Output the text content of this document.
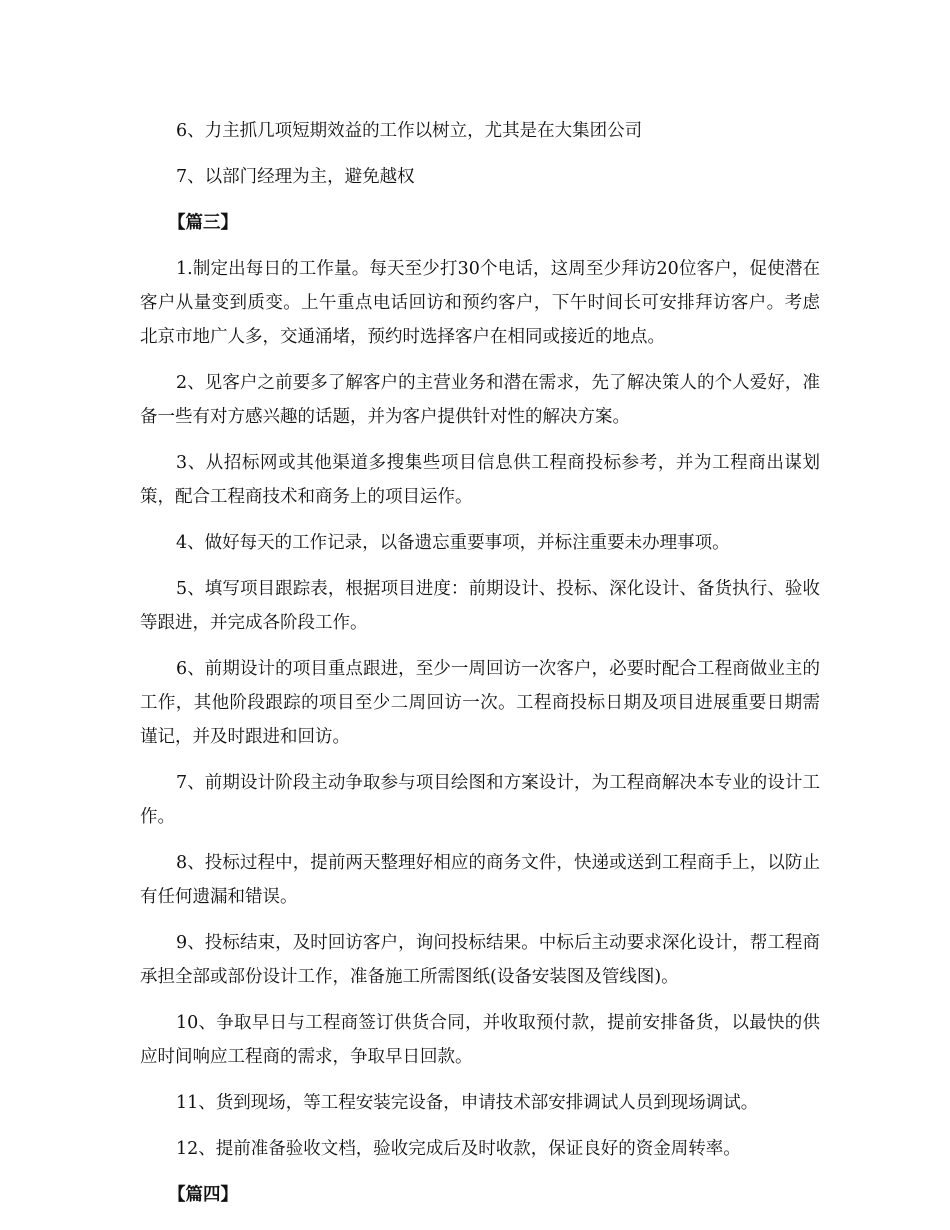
6、力主抓几项短期效益的工作以树立，尤其是在大集团公司

7、以部门经理为主，避免越权

【篇三】

1.制定出每日的工作量。每天至少打30个电话，这周至少拜访20位客户，促使潜在客户从量变到质变。上午重点电话回访和预约客户，下午时间长可安排拜访客户。考虑北京市地广人多，交通涌堵，预约时选择客户在相同或接近的地点。

2、见客户之前要多了解客户的主营业务和潜在需求，先了解决策人的个人爱好，准备一些有对方感兴趣的话题，并为客户提供针对性的解决方案。

3、从招标网或其他渠道多搜集些项目信息供工程商投标参考，并为工程商出谋划策，配合工程商技术和商务上的项目运作。

4、做好每天的工作记录，以备遗忘重要事项，并标注重要未办理事项。

5、填写项目跟踪表，根据项目进度：前期设计、投标、深化设计、备货执行、验收等跟进，并完成各阶段工作。

6、前期设计的项目重点跟进，至少一周回访一次客户，必要时配合工程商做业主的工作，其他阶段跟踪的项目至少二周回访一次。工程商投标日期及项目进展重要日期需谨记，并及时跟进和回访。

7、前期设计阶段主动争取参与项目绘图和方案设计，为工程商解决本专业的设计工作。

8、投标过程中，提前两天整理好相应的商务文件，快递或送到工程商手上，以防止有任何遗漏和错误。

9、投标结束，及时回访客户，询问投标结果。中标后主动要求深化设计，帮工程商承担全部或部份设计工作，准备施工所需图纸(设备安装图及管线图)。

10、争取早日与工程商签订供货合同，并收取预付款，提前安排备货，以最快的供应时间响应工程商的需求，争取早日回款。

11、货到现场，等工程安装完设备，申请技术部安排调试人员到现场调试。

12、提前准备验收文档，验收完成后及时收款，保证良好的资金周转率。

【篇四】
